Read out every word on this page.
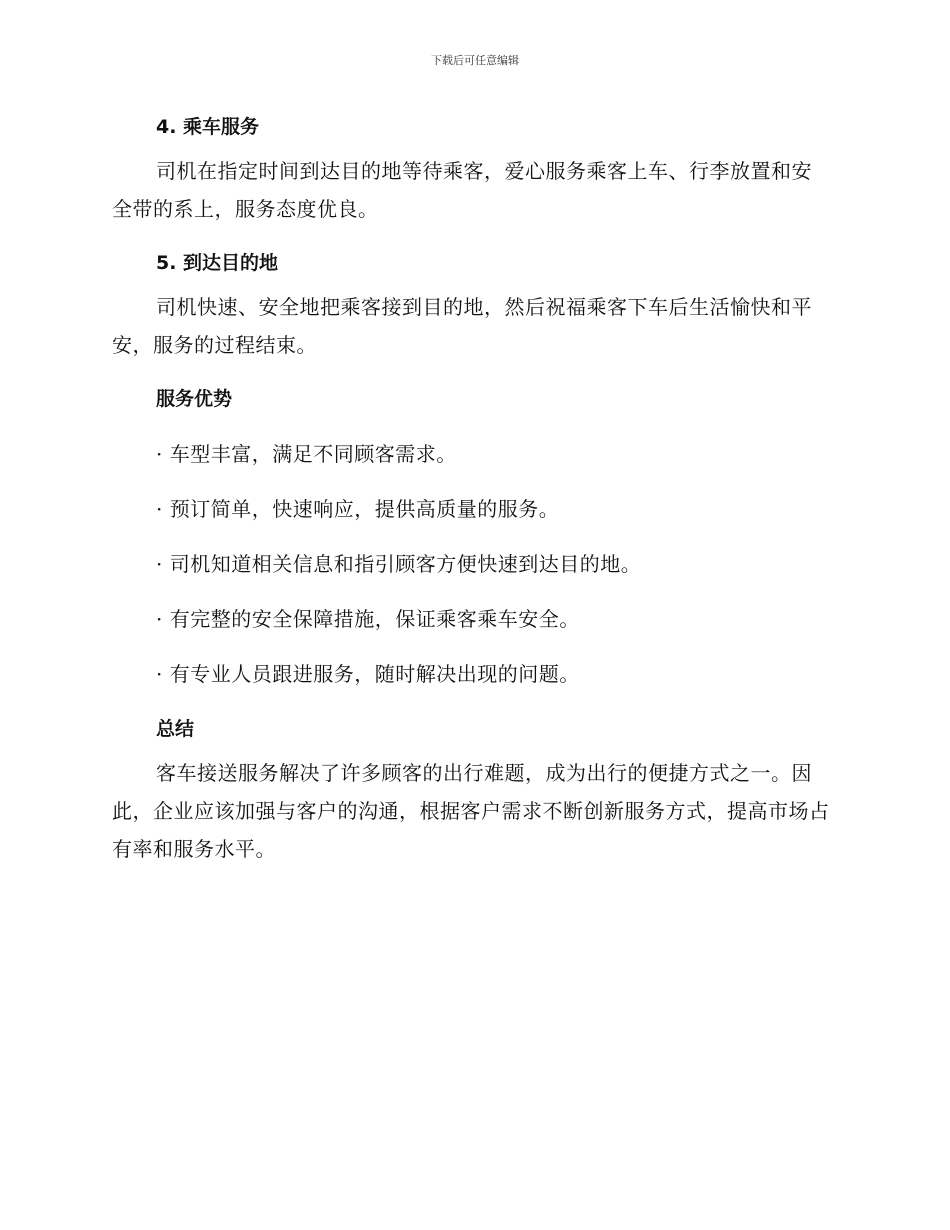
下载后可任意编辑
4. 乘车服务

司机在指定时间到达目的地等待乘客，爱心服务乘客上车、行李放置和安全带的系上，服务态度优良。

5. 到达目的地

司机快速、安全地把乘客接到目的地，然后祝福乘客下车后生活愉快和平安，服务的过程结束。

服务优势

· 车型丰富，满足不同顾客需求。

· 预订简单，快速响应，提供高质量的服务。

· 司机知道相关信息和指引顾客方便快速到达目的地。

· 有完整的安全保障措施，保证乘客乘车安全。

· 有专业人员跟进服务，随时解决出现的问题。

总结

客车接送服务解决了许多顾客的出行难题，成为出行的便捷方式之一。因此，企业应该加强与客户的沟通，根据客户需求不断创新服务方式，提高市场占有率和服务水平。
